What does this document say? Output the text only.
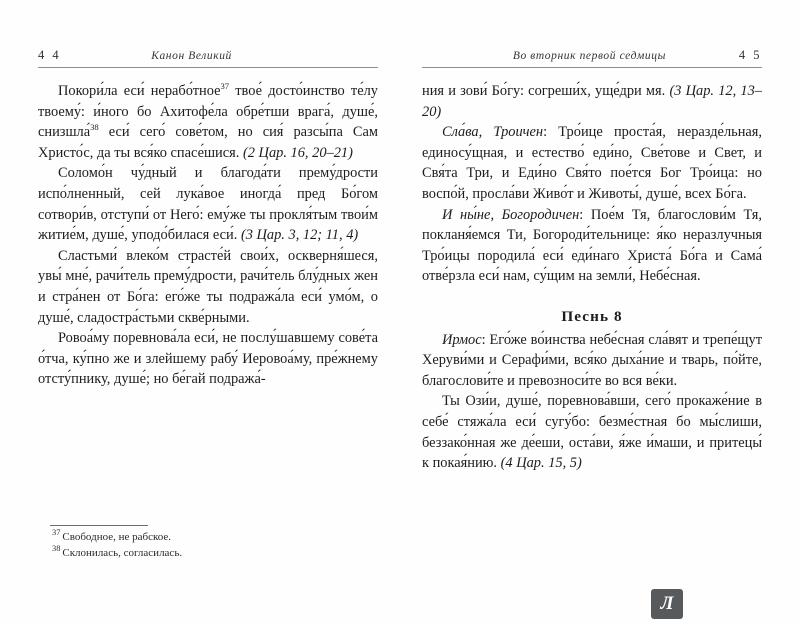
4 4	Канон Великий

Покори́ла еси́ нерабо́тное$^{37}$ твое́ досто́инство те́лу твоему́: и́ного бо Ахитофе́ла обре́тши врага́, душе́, снизшла́$^{38}$ еси́ сего́ сове́том, но сия́ разсы́па Сам Христо́с, да ты вся́ко спасе́шися. (2 Цар. 16, 20–21)

Соломо́н чу́дный и благода́ти прему́дрости испо́лненный, сей лука́вое иногда́ пред Бо́гом сотвори́в, отступи́ от Него́: ему́же ты прокля́тым твои́м житие́м, душе́, уподо́билася еси́. (3 Цар. 3, 12; 11, 4)

Сластьми́ влеко́м страсте́й свои́х, оскверня́шеся, увы́ мне́, рачи́тель прему́дрости, рачи́тель блу́дных жен и стра́нен от Бо́га: его́же ты подража́ла еси́ умо́м, о душе́, сладостра́стьми скве́рными.

Ровоа́му поревнова́ла еси́, не послу́шавшему сове́та о́тча, ку́пно же и злейшему рабу́ Иеровоа́му, пре́жнему отсту́пнику, душе́; но бе́гай подража́-

$^{37}$ Свободное, не рабское.
$^{38}$ Склонилась, согласилась.
Во вторник первой седмицы	4 5

ния и зови́ Бо́гу: согреши́х, уще́дри мя. (3 Цар. 12, 13–20)

Сла́ва, Троичен: Тро́ице проста́я, неразде́льная, единосу́щная, и естество́ еди́но, Све́тове и Свет, и Свя́та Три, и Еди́но Свя́то пое́тся Бог Тро́ица: но воспо́й, просла́ви Живо́т и Животы́, душе́, всех Бо́га.

И ны́не, Богородичен: Пое́м Тя, благослови́м Тя, покланя́емся Ти, Богороди́тельнице: я́ко неразлучныя Тро́ицы породила́ еси́ еди́наго Христа́ Бо́га и Сама́ отве́рзла еси́ нам, су́щим на земли́, Небе́сная.

Песнь 8

Ирмос: Его́же во́инства небе́сная сла́вят и трепе́щут Херуви́ми и Серафи́ми, вся́ко дыха́ние и тварь, по́йте, благослови́те и превозноси́те во вся ве́ки.

Ты Ози́и, душе́, поревнова́вши, сего́ прокаже́ние в себе́ стяжа́ла еси́ сугу́бо: безме́стная бо мы́слиши, беззако́нная же де́еши, оста́ви, я́же и́маши, и притецы́ к покая́нию. (4 Цар. 15, 5)

Л
